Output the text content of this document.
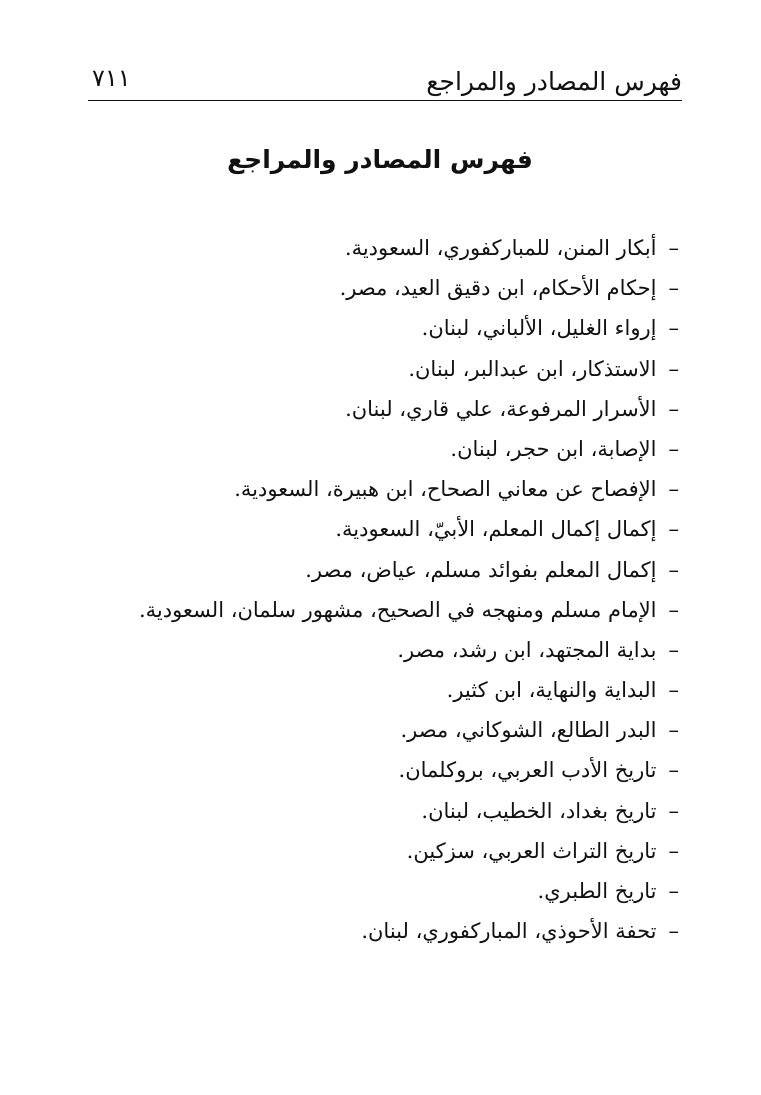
فهرس المصادر والمراجع
٧١١
فهرس المصادر والمراجع
–أبكار المنن، للمباركفوري، السعودية.
–إحكام الأحكام، ابن دقيق العيد، مصر.
–إرواء الغليل، الألباني، لبنان.
–الاستذكار، ابن عبدالبر، لبنان.
–الأسرار المرفوعة، علي قاري، لبنان.
–الإصابة، ابن حجر، لبنان.
–الإفصاح عن معاني الصحاح، ابن هبيرة، السعودية.
–إكمال إكمال المعلم، الأبيّ، السعودية.
–إكمال المعلم بفوائد مسلم، عياض، مصر.
–الإمام مسلم ومنهجه في الصحيح، مشهور سلمان، السعودية.
–بداية المجتهد، ابن رشد، مصر.
–البداية والنهاية، ابن كثير.
–البدر الطالع، الشوكاني، مصر.
–تاريخ الأدب العربي، بروكلمان.
–تاريخ بغداد، الخطيب، لبنان.
–تاريخ التراث العربي، سزكين.
–تاريخ الطبري.
–تحفة الأحوذي، المباركفوري، لبنان.
